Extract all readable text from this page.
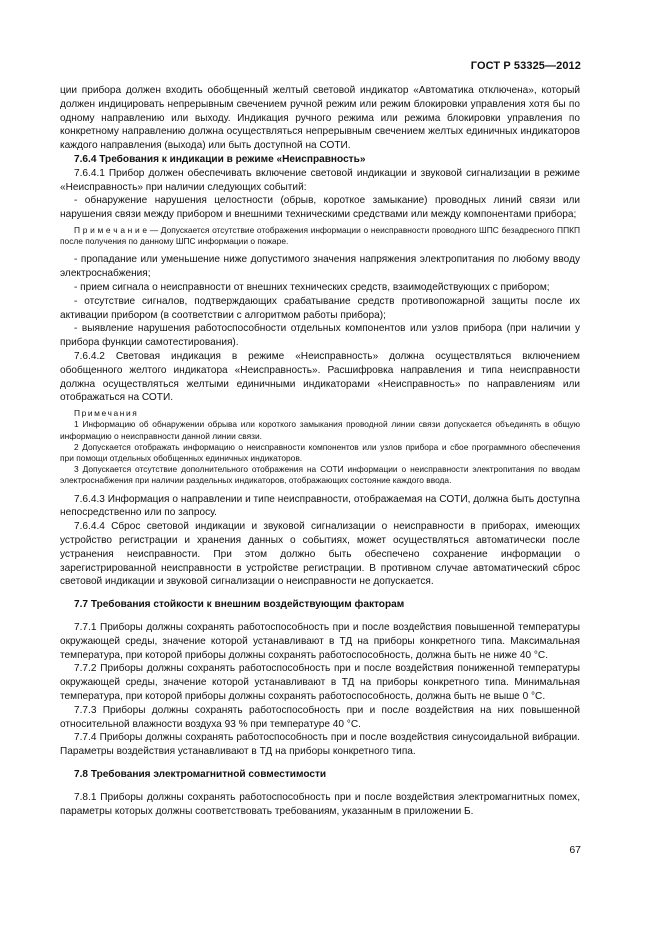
ГОСТ Р 53325—2012

ции прибора должен входить обобщенный желтый световой индикатор «Автоматика отключена», который должен индицировать непрерывным свечением ручной режим или режим блокировки управления хотя бы по одному направлению или выходу. Индикация ручного режима или режима блокировки управления по конкретному направлению должна осуществляться непрерывным свечением желтых единичных индикаторов каждого направления (выхода) или быть доступной на СОТИ.

7.6.4 Требования к индикации в режиме «Неисправность»

7.6.4.1 Прибор должен обеспечивать включение световой индикации и звуковой сигнализации в режиме «Неисправность» при наличии следующих событий:

- обнаружение нарушения целостности (обрыв, короткое замыкание) проводных линий связи или нарушения связи между прибором и внешними техническими средствами или между компонентами прибора;

П р и м е ч а н и е — Допускается отсутствие отображения информации о неисправности проводного ШПС безадресного ППКП после получения по данному ШПС информации о пожаре.

- пропадание или уменьшение ниже допустимого значения напряжения электропитания по любому вводу электроснабжения;

- прием сигнала о неисправности от внешних технических средств, взаимодействующих с прибором;

- отсутствие сигналов, подтверждающих срабатывание средств противопожарной защиты после их активации прибором (в соответствии с алгоритмом работы прибора);

- выявление нарушения работоспособности отдельных компонентов или узлов прибора (при наличии у прибора функции самотестирования).

7.6.4.2 Световая индикация в режиме «Неисправность» должна осуществляться включением обобщенного желтого индикатора «Неисправность». Расшифровка направления и типа неисправности должна осуществляться желтыми единичными индикаторами «Неисправность» по направлениям или отображаться на СОТИ.

Примечания

1 Информацию об обнаружении обрыва или короткого замыкания проводной линии связи допускается объединять в общую информацию о неисправности данной линии связи.

2 Допускается отображать информацию о неисправности компонентов или узлов прибора и сбое программного обеспечения при помощи отдельных обобщенных единичных индикаторов.

3 Допускается отсутствие дополнительного отображения на СОТИ информации о неисправности электропитания по вводам электроснабжения при наличии раздельных индикаторов, отображающих состояние каждого ввода.

7.6.4.3 Информация о направлении и типе неисправности, отображаемая на СОТИ, должна быть доступна непосредственно или по запросу.

7.6.4.4 Сброс световой индикации и звуковой сигнализации о неисправности в приборах, имеющих устройство регистрации и хранения данных о событиях, может осуществляться автоматически после устранения неисправности. При этом должно быть обеспечено сохранение информации о зарегистрированной неисправности в устройстве регистрации. В противном случае автоматический сброс световой индикации и звуковой сигнализации о неисправности не допускается.

7.7 Требования стойкости к внешним воздействующим факторам

7.7.1 Приборы должны сохранять работоспособность при и после воздействия повышенной температуры окружающей среды, значение которой устанавливают в ТД на приборы конкретного типа. Максимальная температура, при которой приборы должны сохранять работоспособность, должна быть не ниже 40 °С.

7.7.2 Приборы должны сохранять работоспособность при и после воздействия пониженной температуры окружающей среды, значение которой устанавливают в ТД на приборы конкретного типа. Минимальная температура, при которой приборы должны сохранять работоспособность, должна быть не выше 0 °С.

7.7.3 Приборы должны сохранять работоспособность при и после воздействия на них повышенной относительной влажности воздуха 93 % при температуре 40 °С.

7.7.4 Приборы должны сохранять работоспособность при и после воздействия синусоидальной вибрации. Параметры воздействия устанавливают в ТД на приборы конкретного типа.

7.8 Требования электромагнитной совместимости

7.8.1 Приборы должны сохранять работоспособность при и после воздействия электромагнитных помех, параметры которых должны соответствовать требованиям, указанным в приложении Б.

67
